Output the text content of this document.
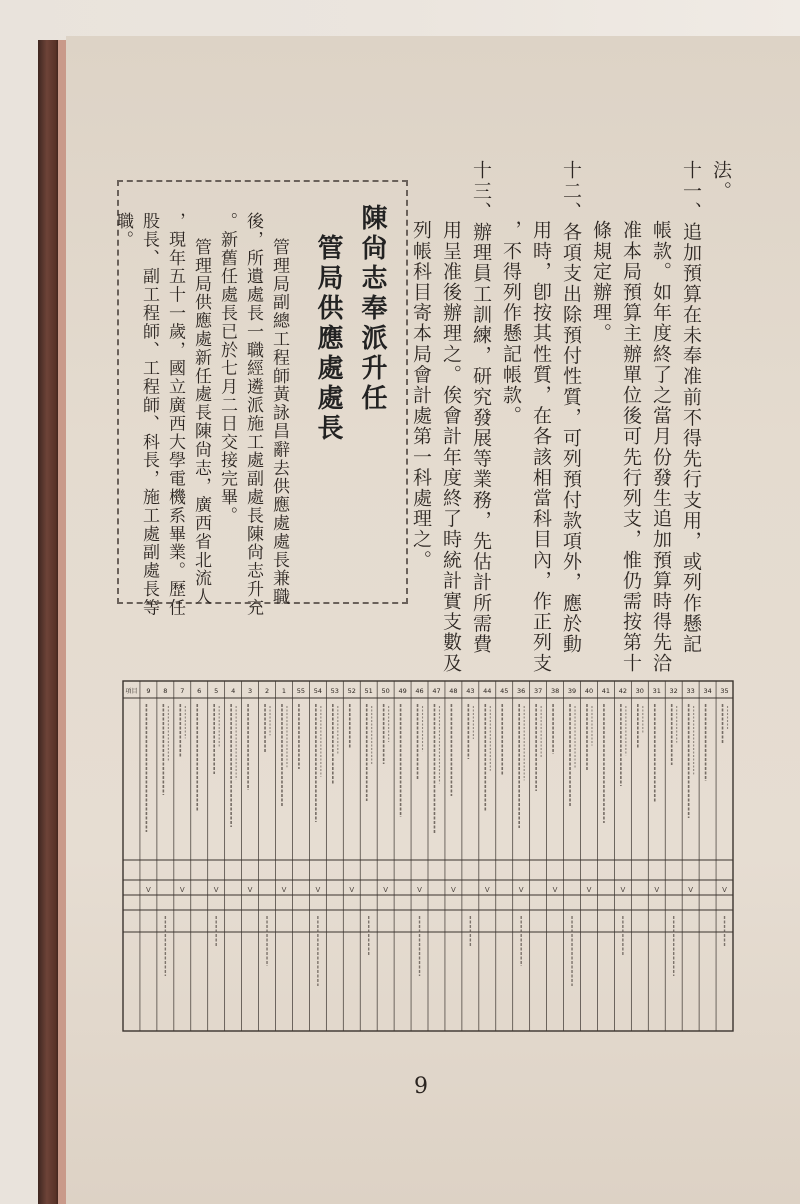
法。
十一、追加預算在未奉准前不得先行支用，或列作懸記
帳款。如年度終了之當月份發生追加預算時得先洽
准本局預算主辦單位後可先行列支，惟仍需按第十
條規定辦理。
十二、各項支出除預付性質，可列預付款項外，應於動
用時，卽按其性質，在各該相當科目內，作正列支
，不得列作懸記帳款。
十三、辦理員工訓練，研究發展等業務，先估計所需費
用呈准後辦理之。俟會計年度終了時統計實支數及
列帳科目寄本局會計處第一科處理之。
陳尙志奉派升任
管局供應處處長
管理局副總工程師黃詠昌辭去供應處處長兼職
後，所遺處長一職經遴派施工處副處長陳尙志升充
。新舊任處長已於七月二日交接完畢。
管理局供應處新任處長陳尙志，廣西省北流人
，現年五十一歲，國立廣西大學電機系畢業。歷任
股長、副工程師、工程師、科長，施工處副處長等
職。
35
34
33
32
31
30
42
41
40
39
38
37
36
45
44
43
48
47
46
49
50
51
52
53
54
55
1
2
3
4
5
6
7
8
9
項目
V
V
V
V
V
V
V
V
V
V
V
V
V
V
V
V
V
V
9
